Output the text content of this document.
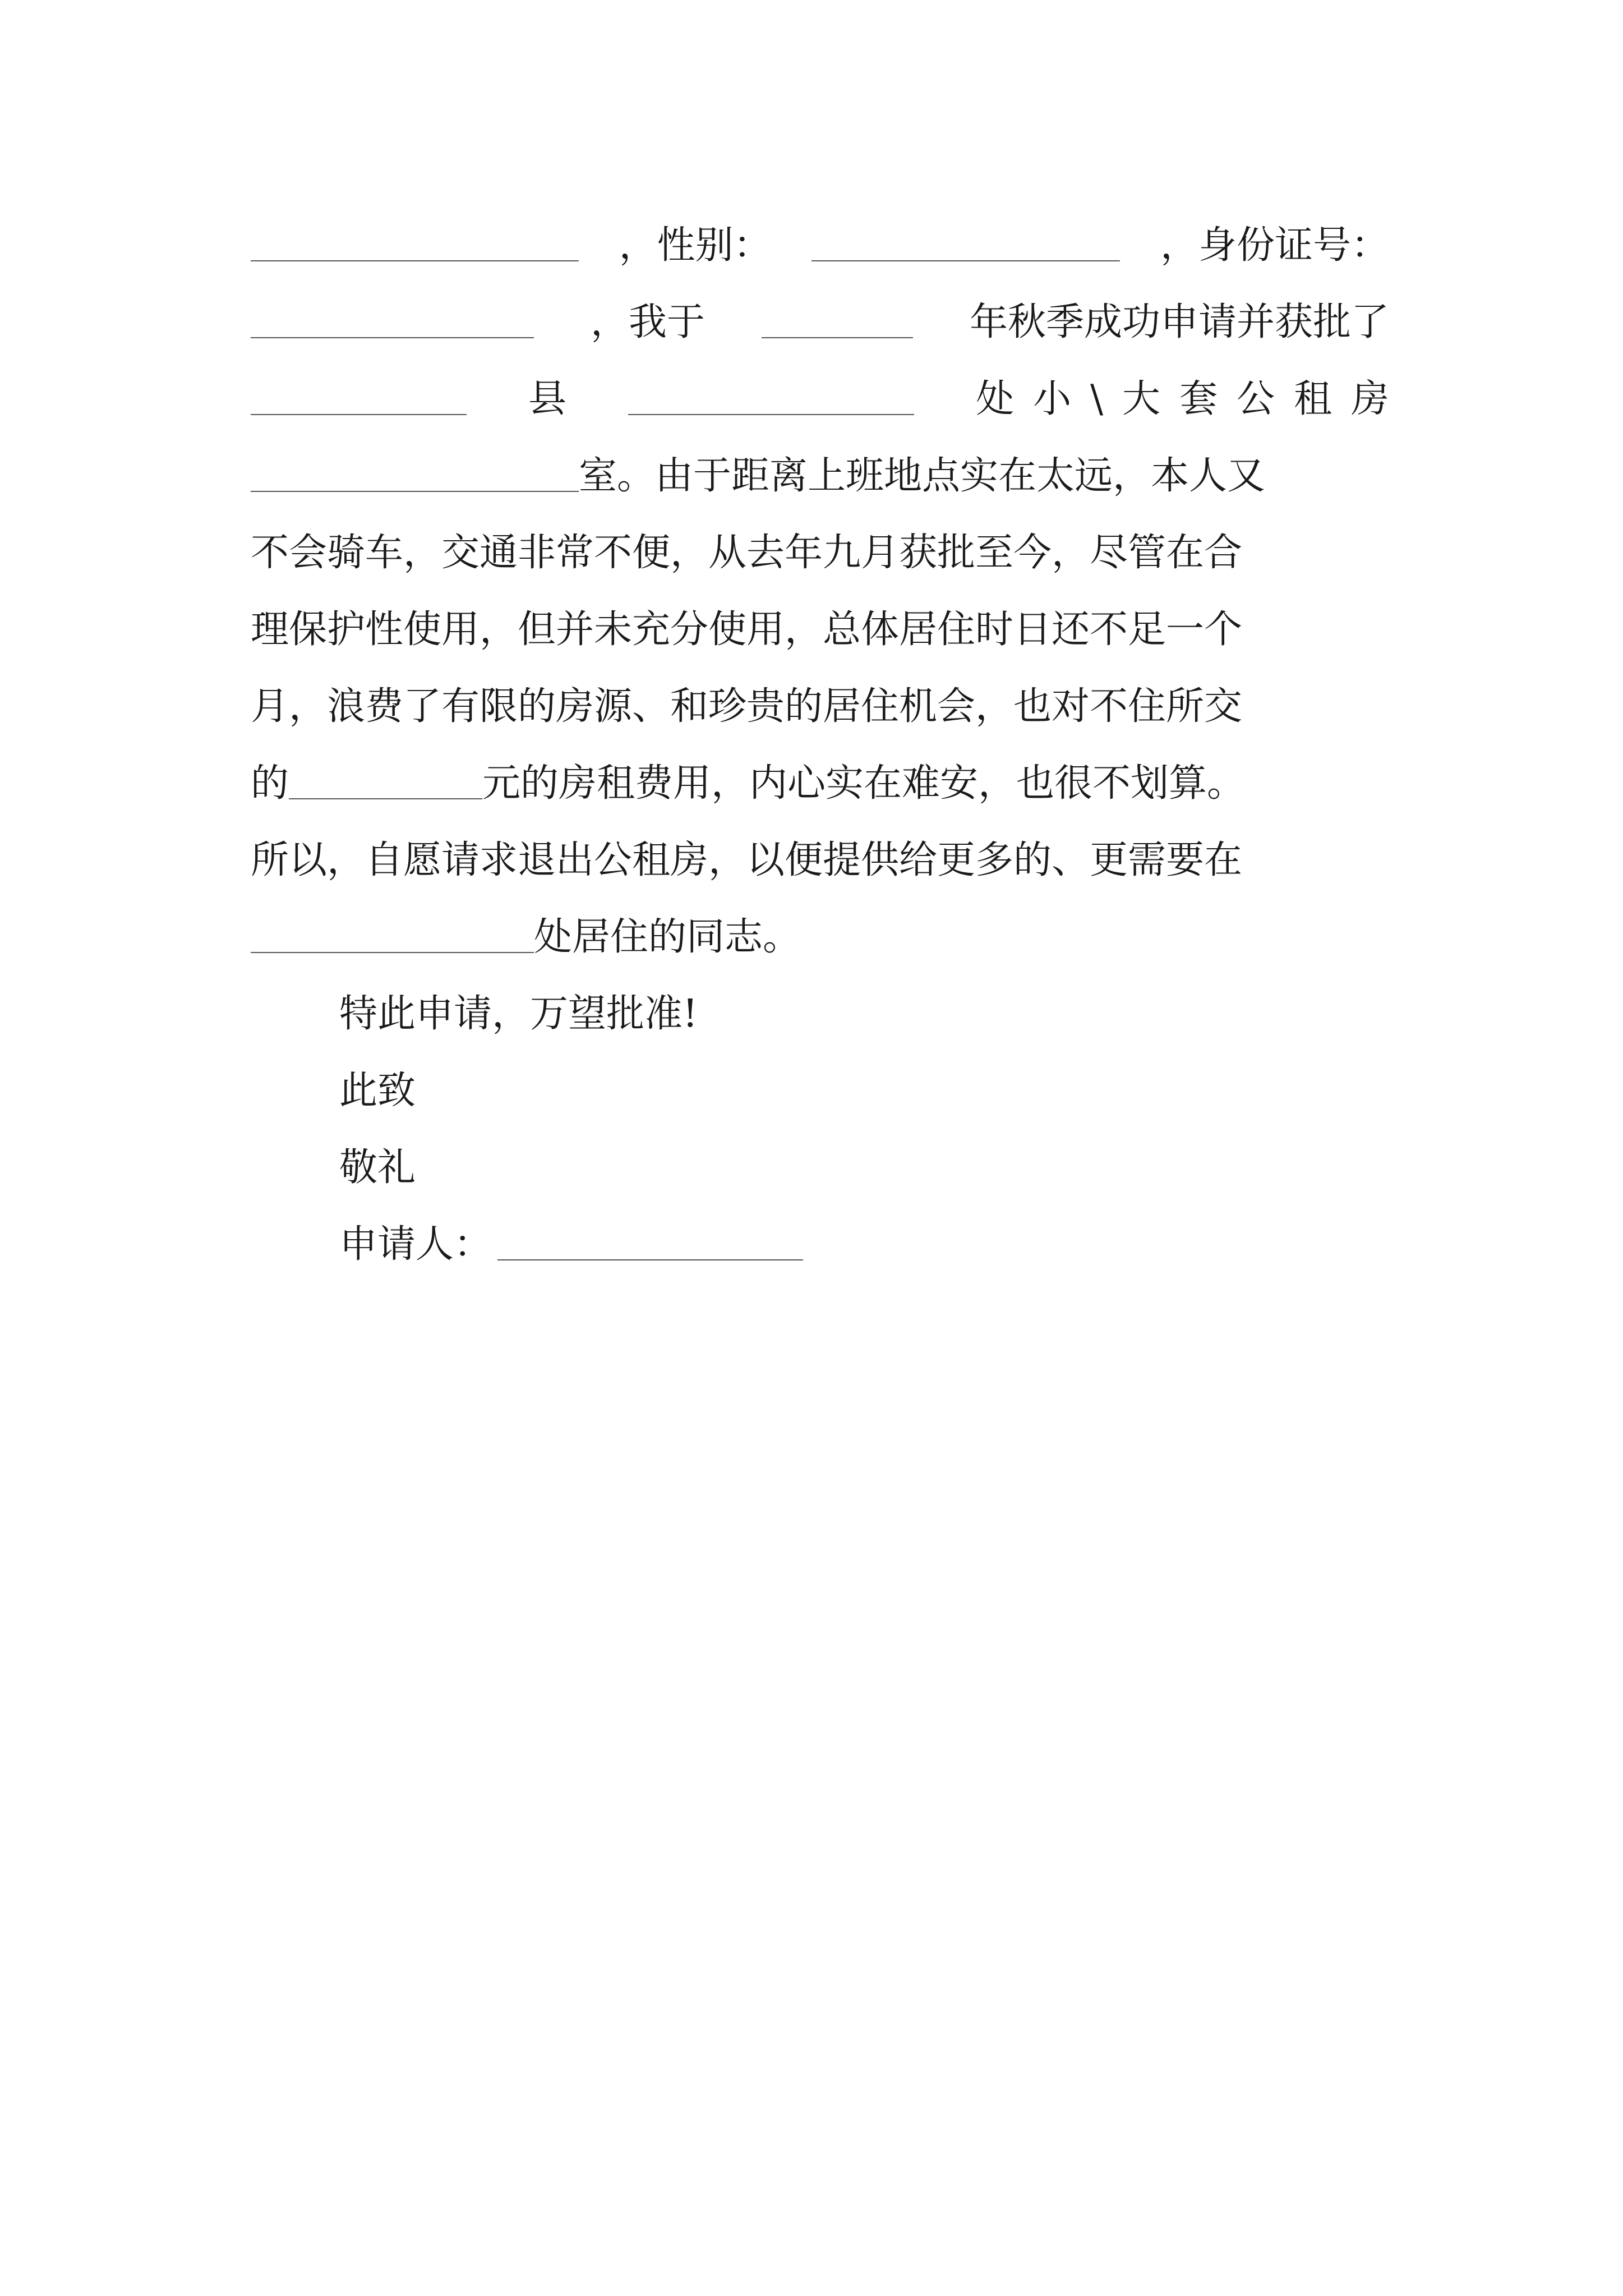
，性别：	，身份证号：
，我于	年秋季成功申请并获批了
县	处小\大套公租房
室。由于距离上班地点实在太远，本人又
不会骑车，交通非常不便，从去年九月获批至今，尽管在合
理保护性使用，但并未充分使用，总体居住时日还不足一个
月，浪费了有限的房源、和珍贵的居住机会，也对不住所交
的	元的房租费用，内心实在难安，也很不划算。
所以，自愿请求退出公租房，以便提供给更多的、更需要在
处居住的同志。
特此申请，万望批准!
此致
敬礼
申请人：
